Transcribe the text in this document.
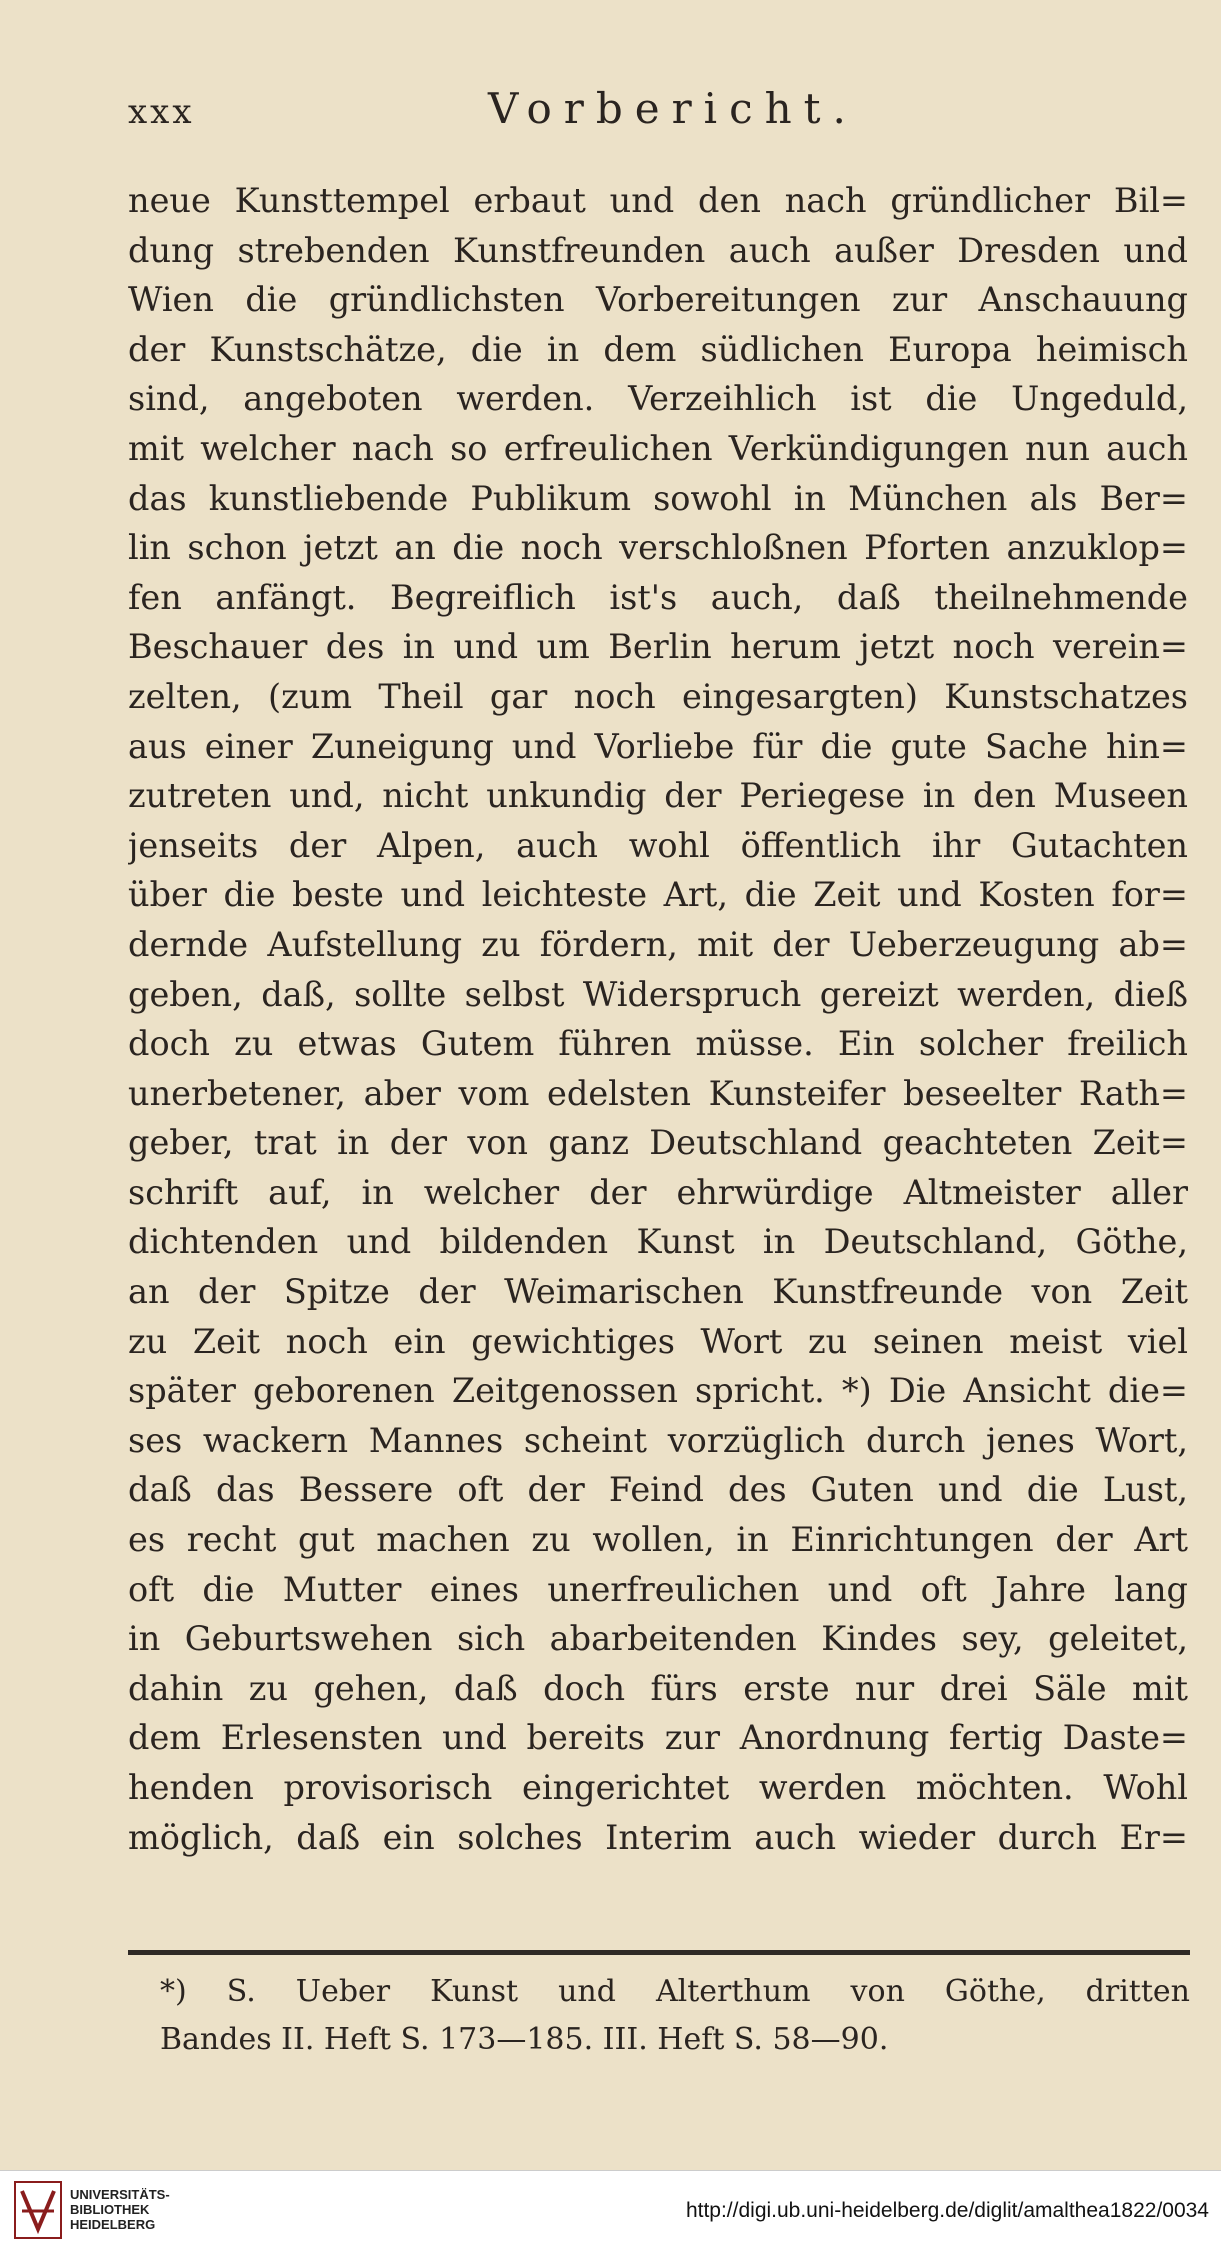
xxx	Vorbericht.
neue Kunsttempel erbaut und den nach gründlicher Bil=
dung strebenden Kunstfreunden auch außer Dresden und
Wien die gründlichsten Vorbereitungen zur Anschauung
der Kunstschätze, die in dem südlichen Europa heimisch
sind, angeboten werden. Verzeihlich ist die Ungeduld,
mit welcher nach so erfreulichen Verkündigungen nun auch
das kunstliebende Publikum sowohl in München als Ber=
lin schon jetzt an die noch verschloßnen Pforten anzuklop=
fen anfängt. Begreiflich ist's auch, daß theilnehmende
Beschauer des in und um Berlin herum jetzt noch verein=
zelten, (zum Theil gar noch eingesargten) Kunstschatzes
aus einer Zuneigung und Vorliebe für die gute Sache hin=
zutreten und, nicht unkundig der Periegese in den Museen
jenseits der Alpen, auch wohl öffentlich ihr Gutachten
über die beste und leichteste Art, die Zeit und Kosten for=
dernde Aufstellung zu fördern, mit der Ueberzeugung ab=
geben, daß, sollte selbst Widerspruch gereizt werden, dieß
doch zu etwas Gutem führen müsse. Ein solcher freilich
unerbetener, aber vom edelsten Kunsteifer beseelter Rath=
geber, trat in der von ganz Deutschland geachteten Zeit=
schrift auf, in welcher der ehrwürdige Altmeister aller
dichtenden und bildenden Kunst in Deutschland, Göthe,
an der Spitze der Weimarischen Kunstfreunde von Zeit
zu Zeit noch ein gewichtiges Wort zu seinen meist viel
später geborenen Zeitgenossen spricht. *) Die Ansicht die=
ses wackern Mannes scheint vorzüglich durch jenes Wort,
daß das Bessere oft der Feind des Guten und die Lust,
es recht gut machen zu wollen, in Einrichtungen der Art
oft die Mutter eines unerfreulichen und oft Jahre lang
in Geburtswehen sich abarbeitenden Kindes sey, geleitet,
dahin zu gehen, daß doch fürs erste nur drei Säle mit
dem Erlesensten und bereits zur Anordnung fertig Daste=
henden provisorisch eingerichtet werden möchten. Wohl
möglich, daß ein solches Interim auch wieder durch Er=
*) S. Ueber Kunst und Alterthum von Göthe, dritten
Bandes II. Heft S. 173—185. III. Heft S. 58—90.
UNIVERSITÄTS-
BIBLIOTHEK
HEIDELBERG
http://digi.ub.uni-heidelberg.de/diglit/amalthea1822/0034
